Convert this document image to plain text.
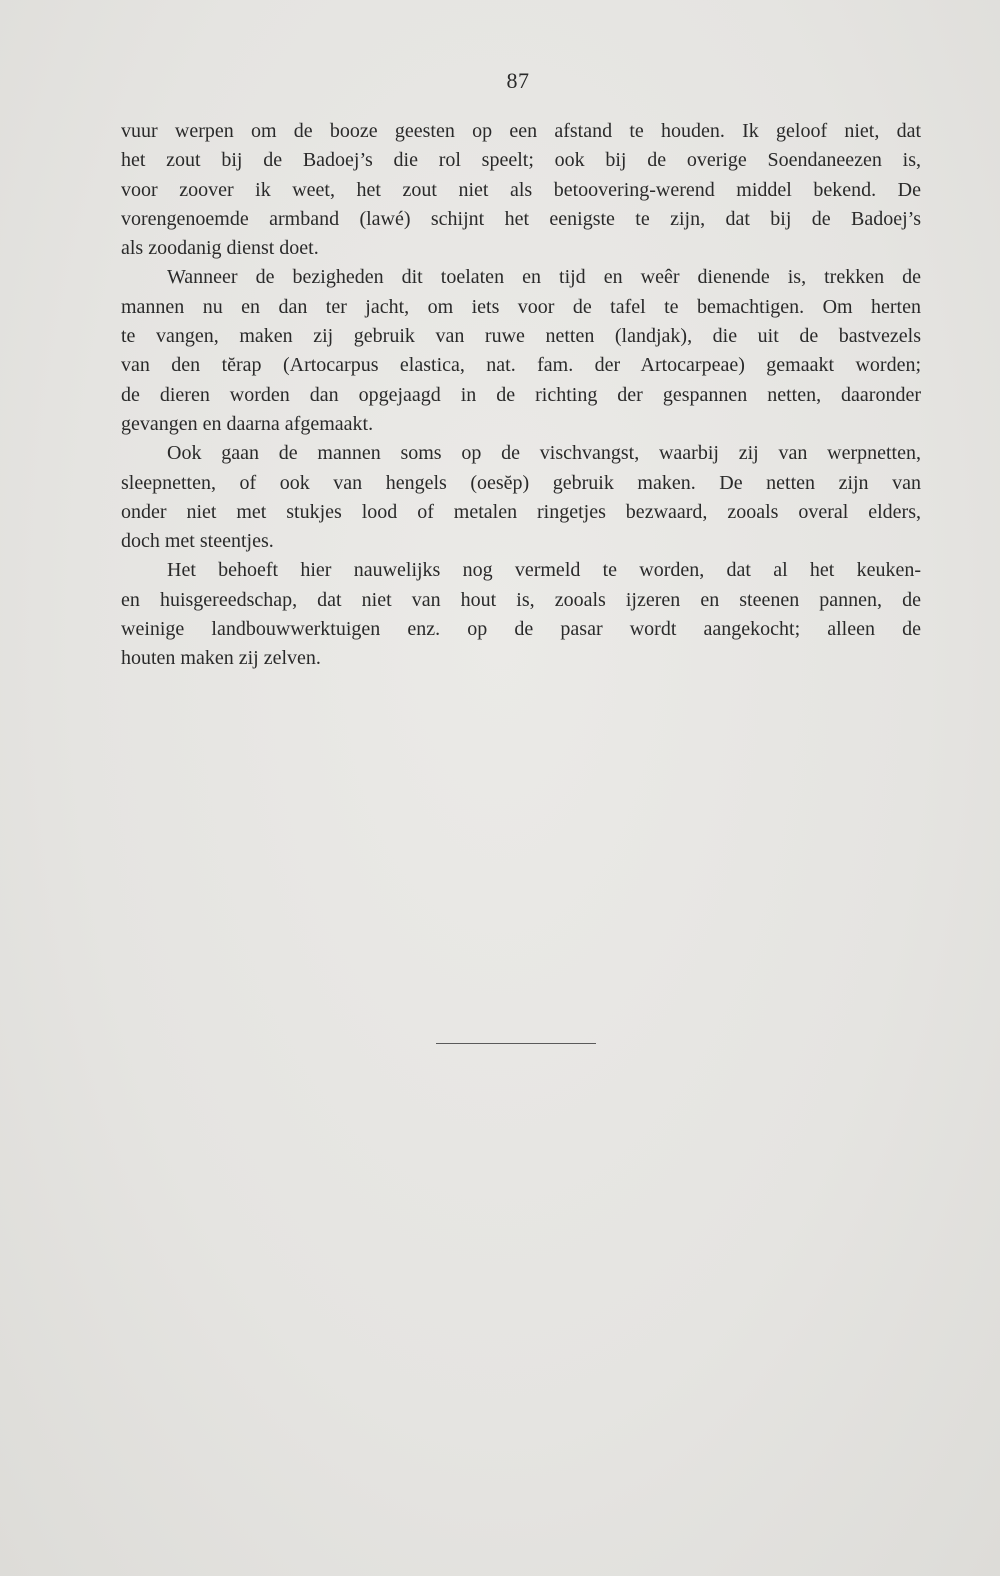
87
vuur werpen om de booze geesten op een afstand te houden. Ik geloof niet, dat
het zout bij de Badoej’s die rol speelt; ook bij de overige Soendaneezen is,
voor zoover ik weet, het zout niet als betoovering-werend middel bekend. De
vorengenoemde armband (lawé) schijnt het eenigste te zijn, dat bij de Badoej’s
als zoodanig dienst doet.
Wanneer de bezigheden dit toelaten en tijd en weêr dienende is, trekken de
mannen nu en dan ter jacht, om iets voor de tafel te bemachtigen. Om herten
te vangen, maken zij gebruik van ruwe netten (landjak), die uit de bastvezels
van den tĕrap (Artocarpus elastica, nat. fam. der Artocarpeae) gemaakt worden;
de dieren worden dan opgejaagd in de richting der gespannen netten, daaronder
gevangen en daarna afgemaakt.
Ook gaan de mannen soms op de vischvangst, waarbij zij van werpnetten,
sleepnetten, of ook van hengels (oesĕp) gebruik maken. De netten zijn van
onder niet met stukjes lood of metalen ringetjes bezwaard, zooals overal elders,
doch met steentjes.
Het behoeft hier nauwelijks nog vermeld te worden, dat al het keuken-
en huisgereedschap, dat niet van hout is, zooals ijzeren en steenen pannen, de
weinige landbouwwerktuigen enz. op de pasar wordt aangekocht; alleen de
houten maken zij zelven.
